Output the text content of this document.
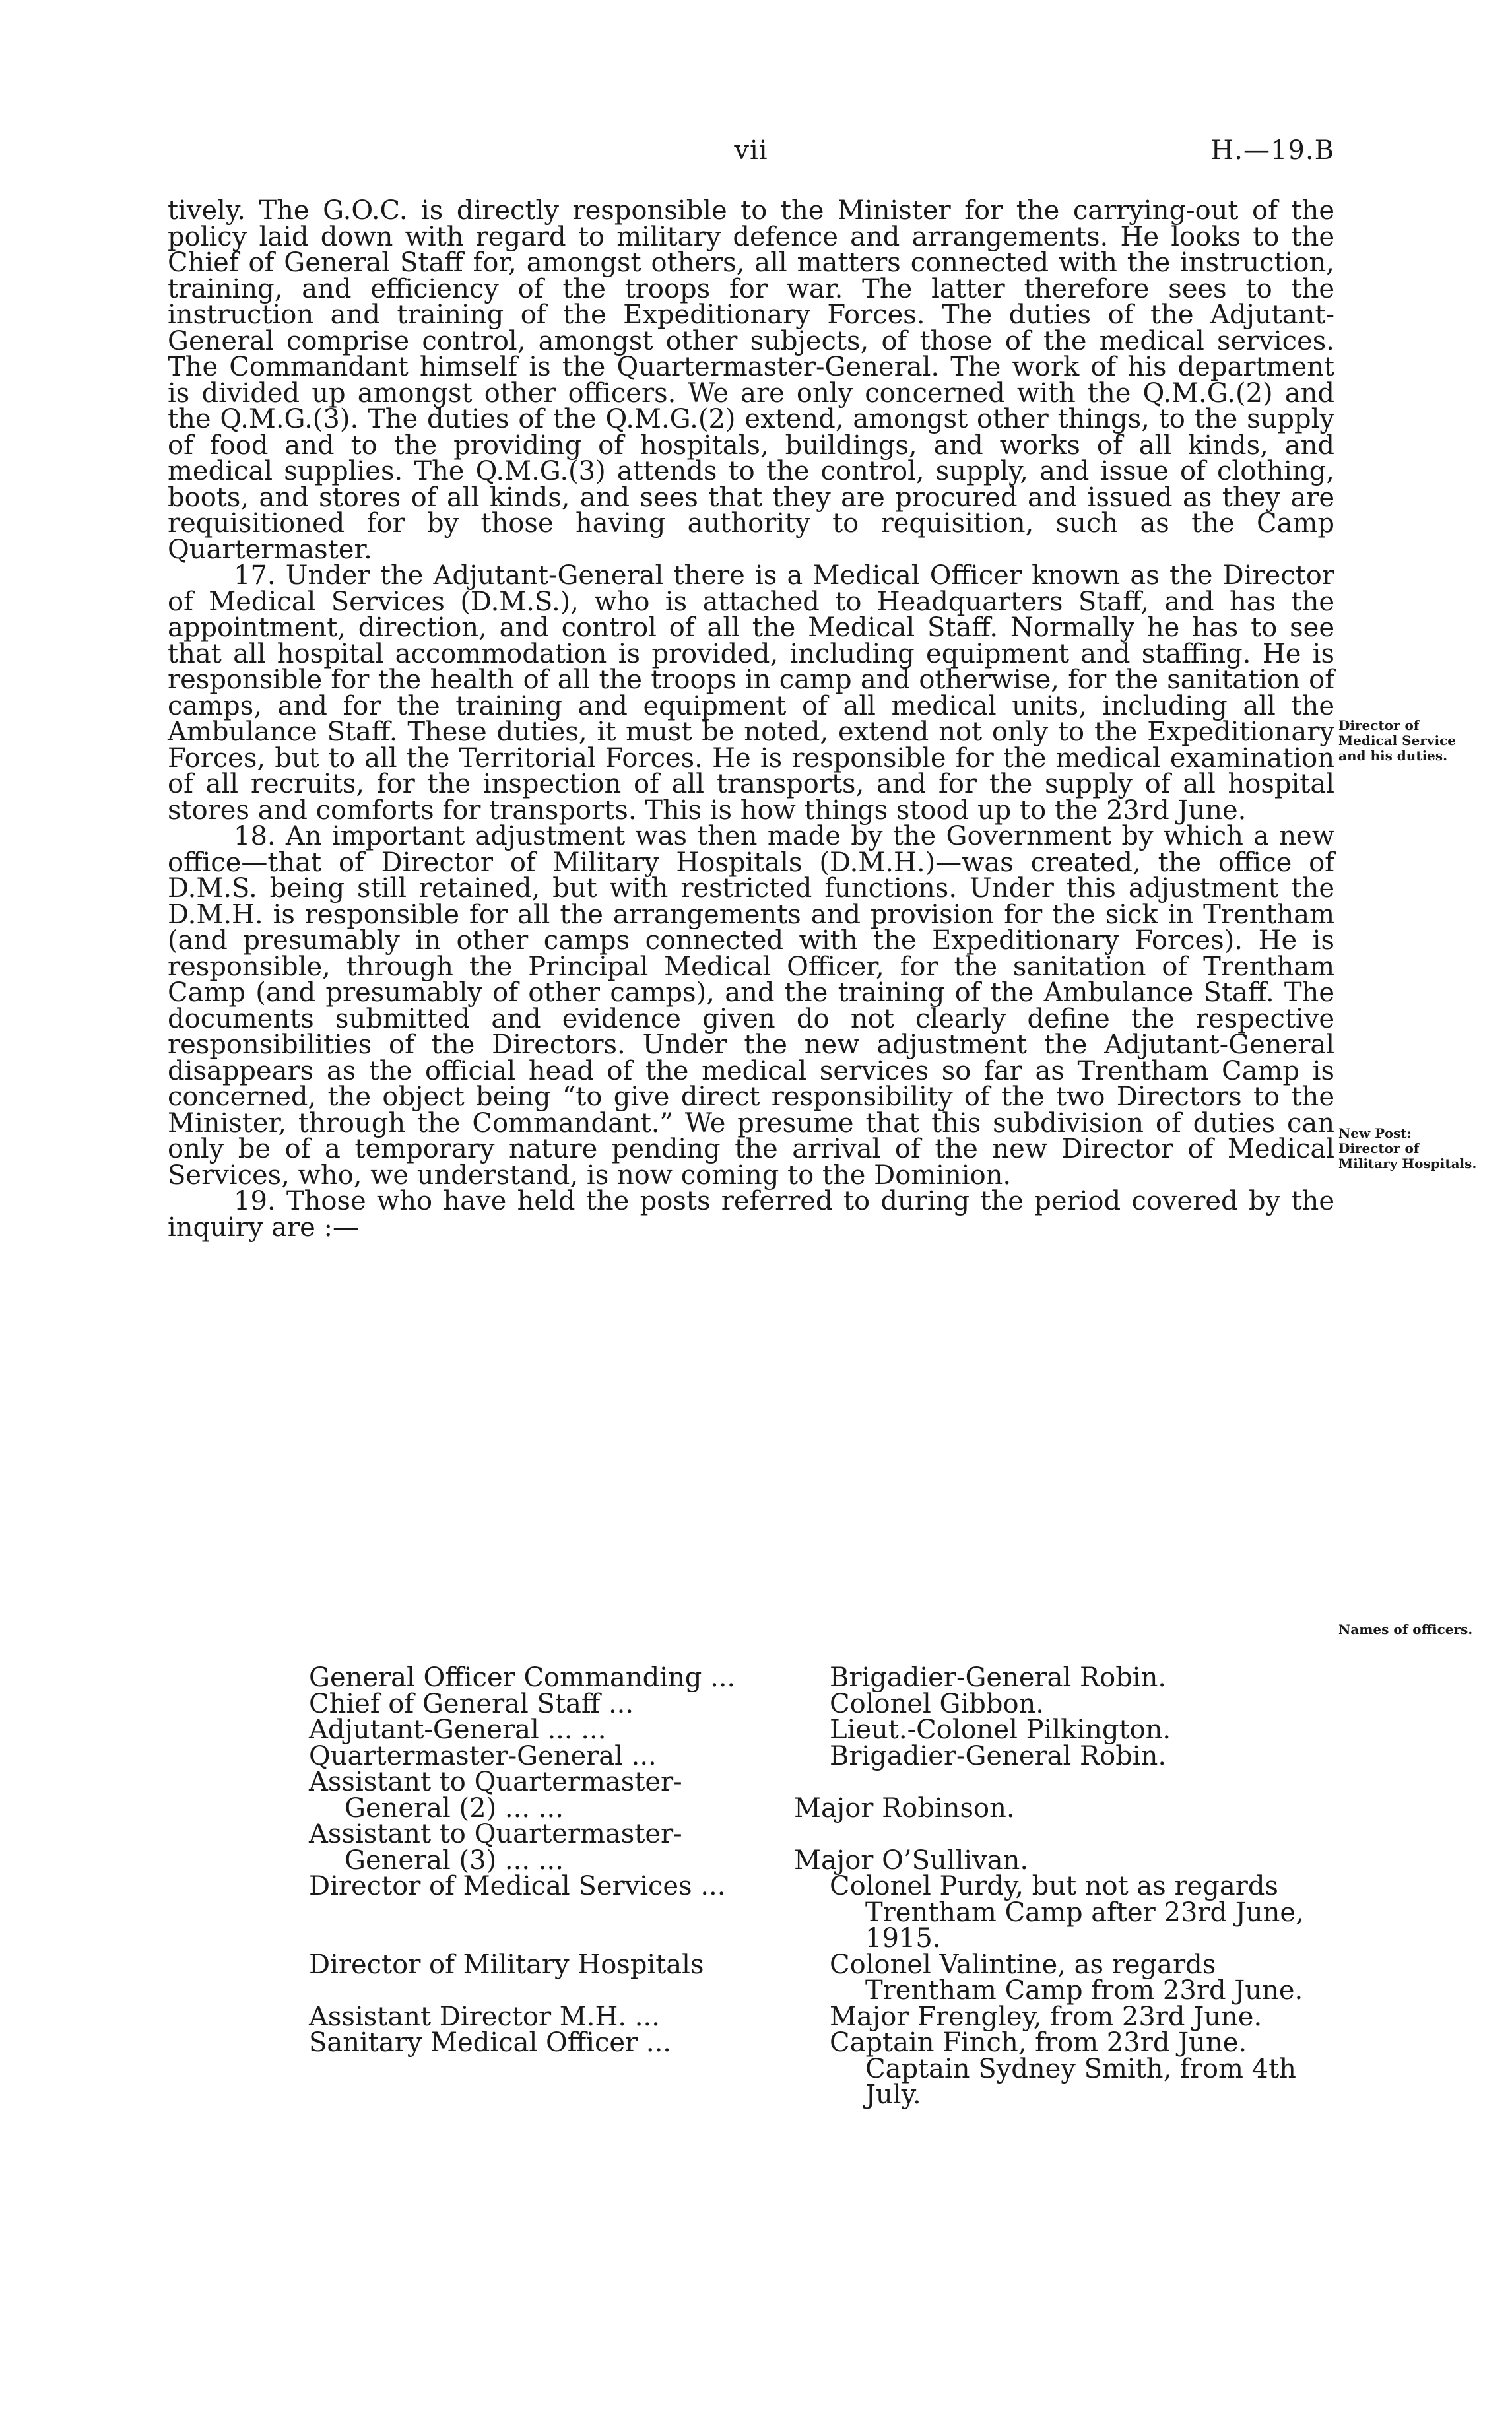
vii	H.—19.B

tively. The G.O.C. is directly responsible to the Minister for the carrying-out of the policy laid down with regard to military defence and arrangements. He looks to the Chief of General Staff for, amongst others, all matters connected with the instruction, training, and efficiency of the troops for war. The latter therefore sees to the instruction and training of the Expeditionary Forces. The duties of the Adjutant-General comprise control, amongst other subjects, of those of the medical services. The Commandant himself is the Quartermaster-General. The work of his department is divided up amongst other officers. We are only concerned with the Q.M.G.(2) and the Q.M.G.(3). The duties of the Q.M.G.(2) extend, amongst other things, to the supply of food and to the providing of hospitals, buildings, and works of all kinds, and medical supplies. The Q.M.G.(3) attends to the control, supply, and issue of clothing, boots, and stores of all kinds, and sees that they are procured and issued as they are requisitioned for by those having authority to requisition, such as the Camp Quartermaster.

17. Under the Adjutant-General there is a Medical Officer known as the Director of Medical Services (D.M.S.), who is attached to Headquarters Staff, and has the appointment, direction, and control of all the Medical Staff. Normally he has to see that all hospital accommodation is provided, including equipment and staffing. He is responsible for the health of all the troops in camp and otherwise, for the sanitation of camps, and for the training and equipment of all medical units, including all the Ambulance Staff. These duties, it must be noted, extend not only to the Expeditionary Forces, but to all the Territorial Forces. He is responsible for the medical examination of all recruits, for the inspection of all transports, and for the supply of all hospital stores and comforts for transports. This is how things stood up to the 23rd June.

18. An important adjustment was then made by the Government by which a new office—that of Director of Military Hospitals (D.M.H.)—was created, the office of D.M.S. being still retained, but with restricted functions. Under this adjustment the D.M.H. is responsible for all the arrangements and provision for the sick in Trentham (and presumably in other camps connected with the Expeditionary Forces). He is responsible, through the Principal Medical Officer, for the sanitation of Trentham Camp (and presumably of other camps), and the training of the Ambulance Staff. The documents submitted and evidence given do not clearly define the respective responsibilities of the Directors. Under the new adjustment the Adjutant-General disappears as the official head of the medical services so far as Trentham Camp is concerned, the object being “to give direct responsibility of the two Directors to the Minister, through the Commandant.” We presume that this subdivision of duties can only be of a temporary nature pending the arrival of the new Director of Medical Services, who, we understand, is now coming to the Dominion.

19. Those who have held the posts referred to during the period covered by the inquiry are :—

Director of Medical Service and his duties.
New Post: Director of Military Hospitals.
Names of officers.
General Officer Commanding ...	Brigadier-General Robin.
Chief of General Staff ...	Colonel Gibbon.
Adjutant-General ... ...	Lieut.-Colonel Pilkington.
Quartermaster-General ...	Brigadier-General Robin.
Assistant to Quartermaster-
General (2) ... ...
	Major Robinson.
Assistant to Quartermaster-
General (3) ... ...
	Major O’Sullivan.
Director of Medical Services ...	Colonel Purdy, but not as regards Trentham Camp after 23rd June, 1915.
Director of Military Hospitals	Colonel Valintine, as regards Trentham Camp from 23rd June.
Assistant Director M.H. ...	Major Frengley, from 23rd June.
Sanitary Medical Officer ...	Captain Finch, from 23rd June. Captain Sydney Smith, from 4th July.
